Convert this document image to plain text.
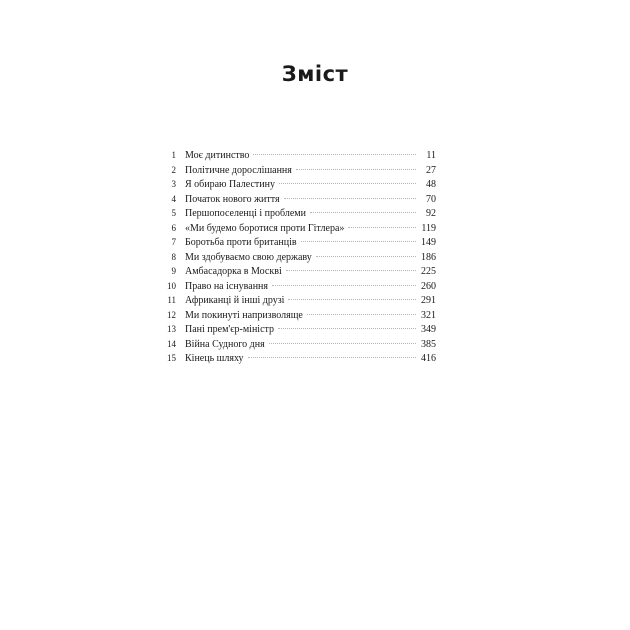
Зміст
1 Моє дитинство	11
2 Політичне дорослішання	27
3 Я обираю Палестину	48
4 Початок нового життя	70
5 Першопоселенці і проблеми	92
6 «Ми будемо боротися проти Гітлера»	119
7 Боротьба проти британців	149
8 Ми здобуваємо свою державу	186
9 Амбасадорка в Москві	225
10 Право на існування	260
11 Африканці й інші друзі	291
12 Ми покинуті напризволяще	321
13 Пані прем'єр-міністр	349
14 Війна Судного дня	385
15 Кінець шляху	416
